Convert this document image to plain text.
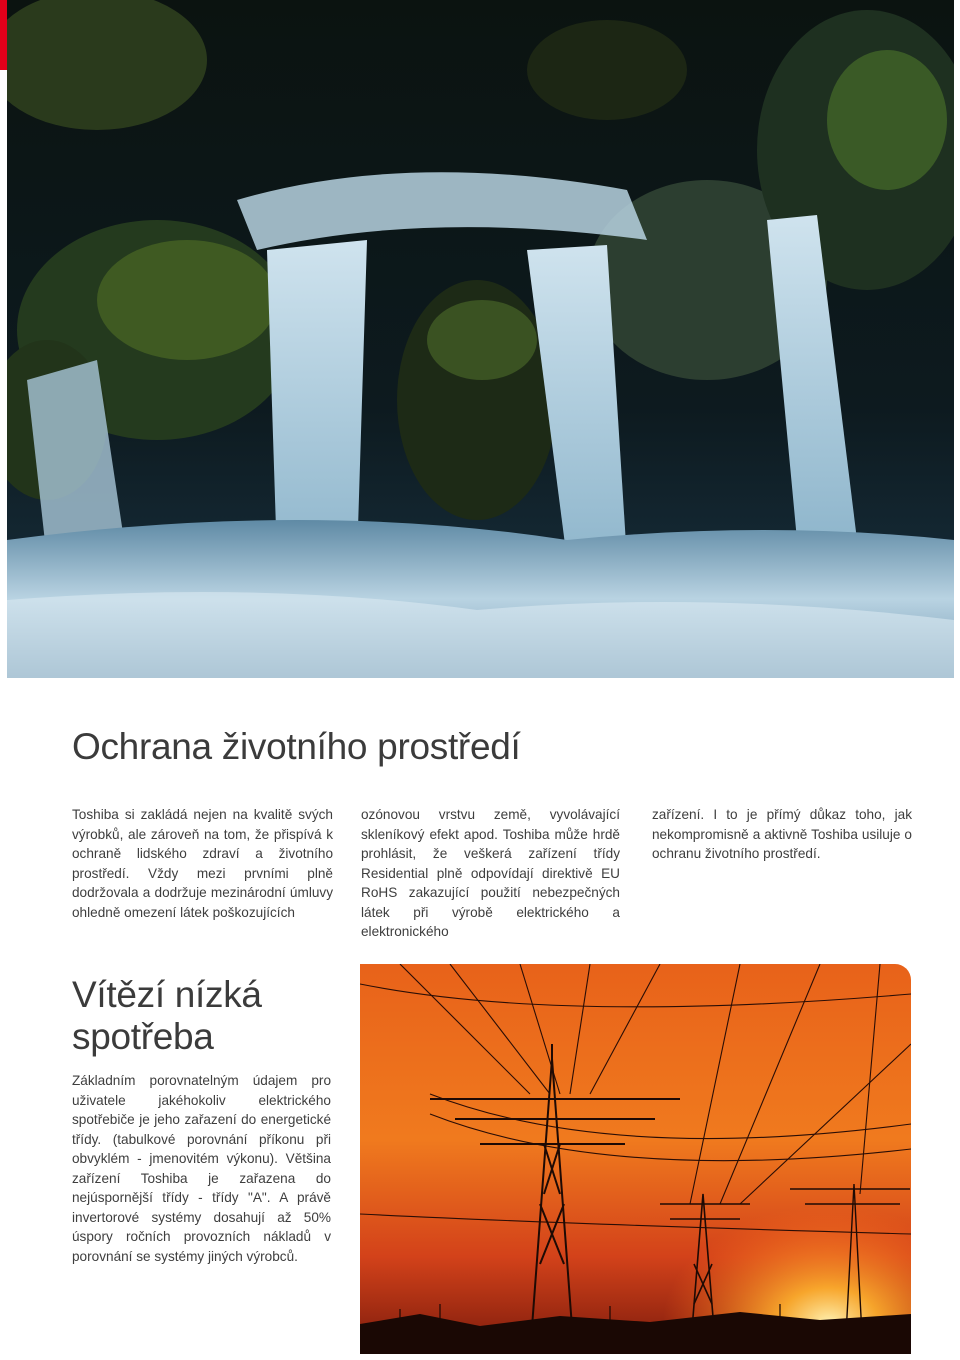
Ochrana životního prostředí

Toshiba si zakládá nejen na kvalitě svých výrobků, ale zároveň na tom, že přispívá k ochraně lidského zdraví a životního prostředí. Vždy mezi prvními plně dodržovala a dodržuje mezinárodní úmluvy ohledně omezení látek poškozujících

ozónovou vrstvu země, vyvolávající skleníkový efekt apod. Toshiba může hrdě prohlásit, že veškerá zařízení třídy Residential plně odpovídají direktivě EU RoHS zakazující použití nebezpečných látek při výrobě elektrického a elektronického

zařízení. I to je přímý důkaz toho, jak nekompromisně a aktivně Toshiba usiluje o ochranu životního prostředí.

Vítězí nízká spotřeba

Základním porovnatelným údajem pro uživatele jakéhokoliv elektrického spotřebiče je jeho zařazení do energetické třídy. (tabulkové porovnání příkonu při obvyklém - jmenovitém výkonu). Většina zařízení Toshiba je zařazena do nejúspornější třídy - třídy "A". A právě invertorové systémy dosahují až 50% úspory ročních provozních nákladů v porovnání se systémy jiných výrobců.
